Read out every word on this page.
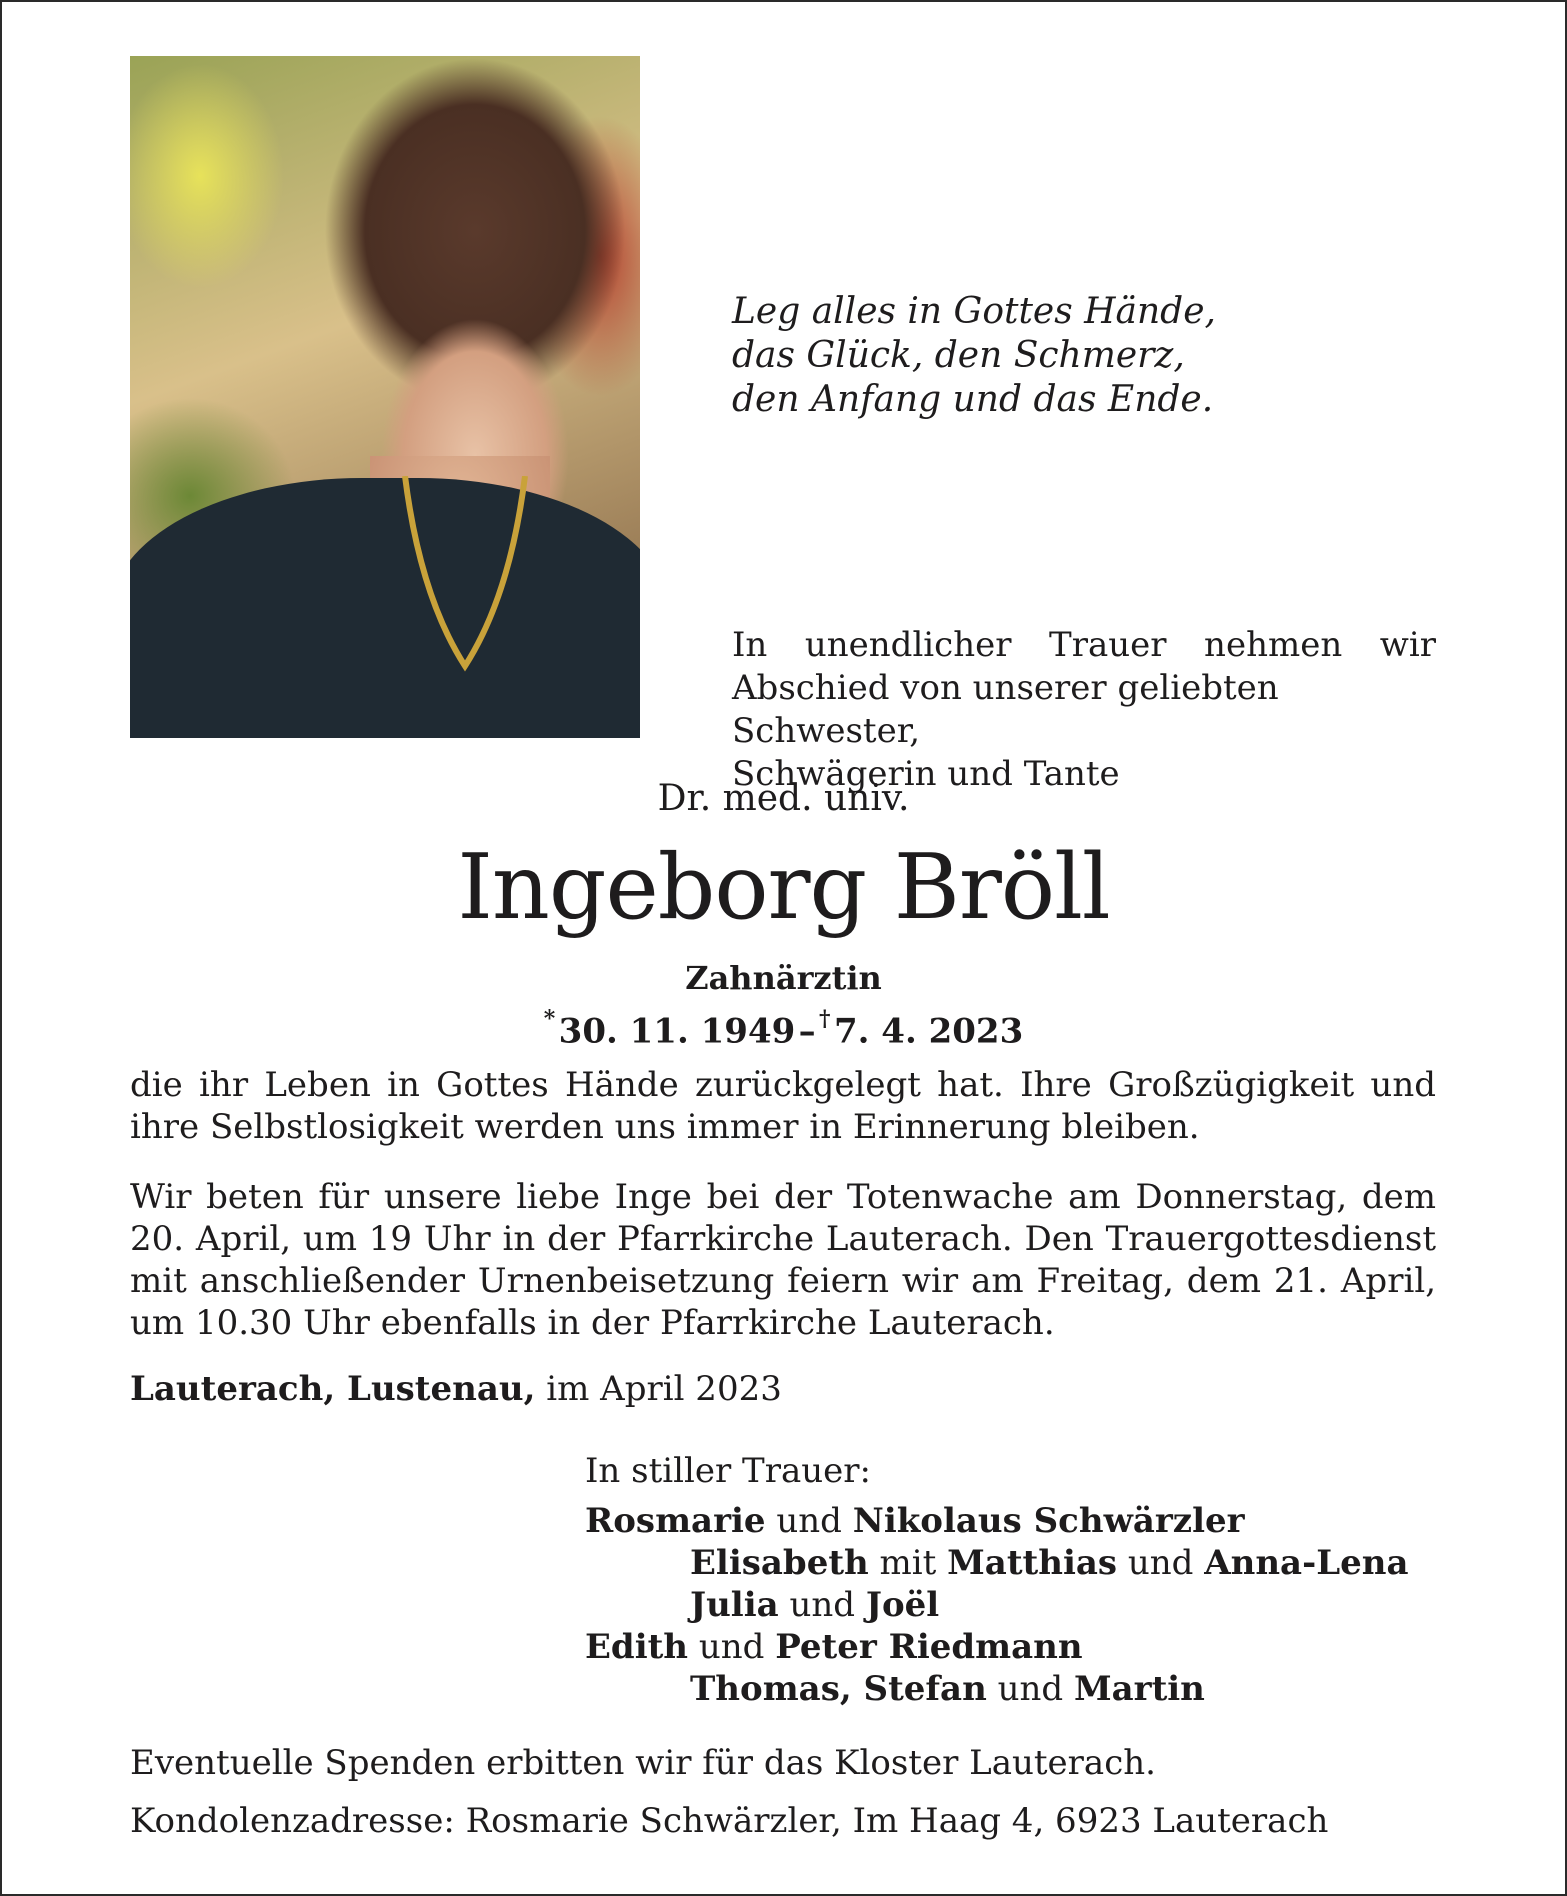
Leg alles in Gottes Hände,
das Glück, den Schmerz,
den Anfang und das Ende.
In unendlicher Trauer nehmen wir
Abschied von unserer geliebten Schwester,
Schwägerin und Tante
Dr. med. univ.
Ingeborg Bröll
Zahnärztin
* 30. 11. 1949 –  † 7. 4. 2023

die ihr Leben in Gottes Hände zurückgelegt hat. Ihre Großzügigkeit und ihre Selbstlosigkeit werden uns immer in Erinnerung bleiben.

Wir beten für unsere liebe Inge bei der Totenwache am Donnerstag, dem 20. April, um 19 Uhr in der Pfarrkirche Lauterach. Den Trauergottesdienst mit anschließender Urnenbeisetzung feiern wir am Freitag, dem 21. April, um 10.30 Uhr ebenfalls in der Pfarrkirche Lauterach.

Lauterach, Lustenau, im April 2023
In stiller Trauer:
Rosmarie und Nikolaus Schwärzler
Elisabeth mit Matthias und Anna-Lena
Julia und Joël
Edith und Peter Riedmann
Thomas, Stefan und Martin
Eventuelle Spenden erbitten wir für das Kloster Lauterach.
Kondolenzadresse: Rosmarie Schwärzler, Im Haag 4, 6923 Lauterach
